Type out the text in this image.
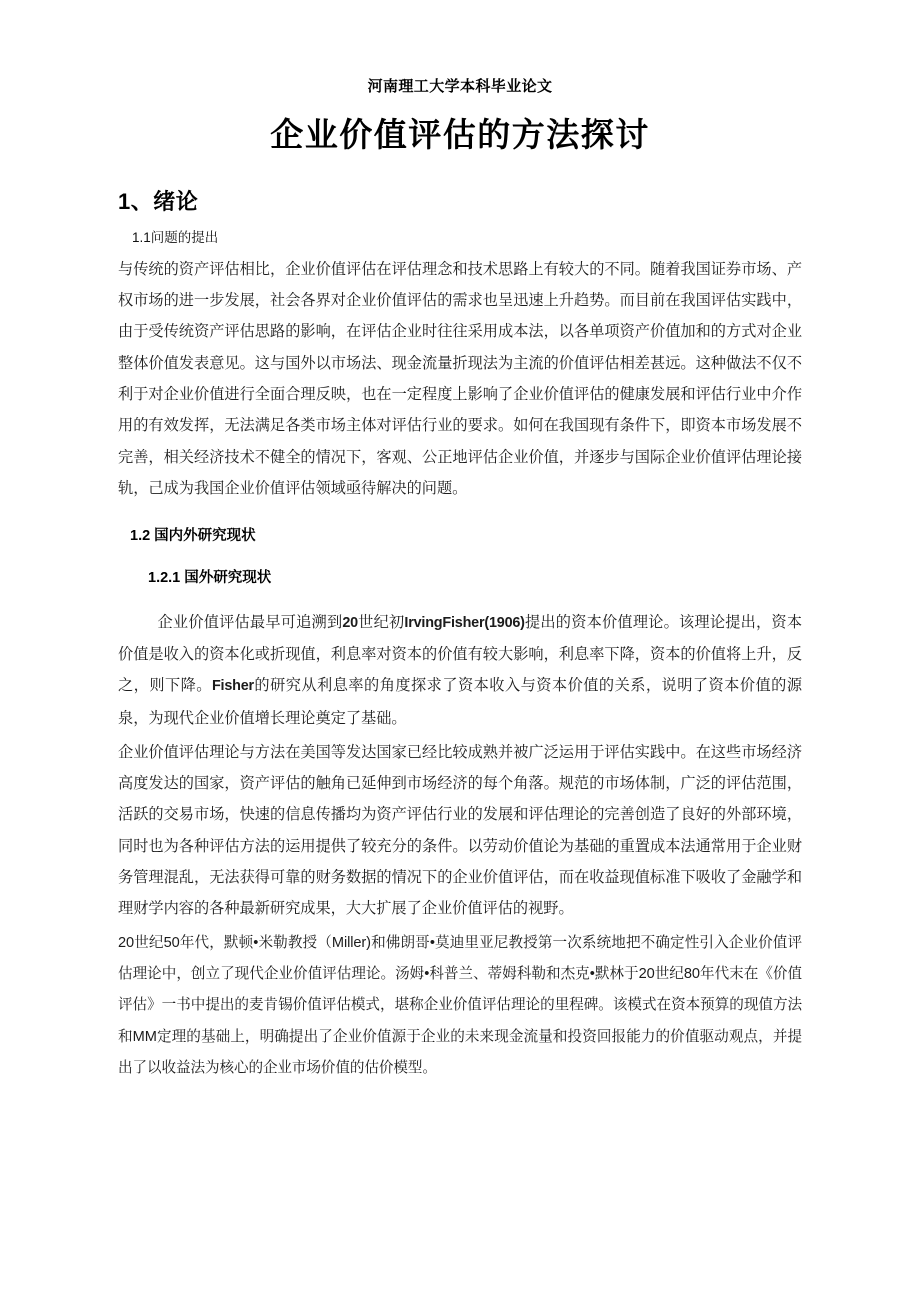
河南理工大学本科毕业论文
企业价值评估的方法探讨
1、绪论
1.1问题的提出

与传统的资产评估相比，企业价值评估在评估理念和技术思路上有较大的不同。随着我国证券市场、产权市场的进一步发展，社会各界对企业价值评估的需求也呈迅速上升趋势。而目前在我国评估实践中，由于受传统资产评估思路的影响，在评估企业时往往采用成本法，以各单项资产价值加和的方式对企业整体价值发表意见。这与国外以市场法、现金流量折现法为主流的价值评估相差甚远。这种做法不仅不利于对企业价值进行全面合理反映，也在一定程度上影响了企业价值评估的健康发展和评估行业中介作用的有效发挥，无法满足各类市场主体对评估行业的要求。如何在我国现有条件下，即资本市场发展不完善，相关经济技术不健全的情况下，客观、公正地评估企业价值，并逐步与国际企业价值评估理论接轨，己成为我国企业价值评估领域亟待解决的问题。

1.2 国内外研究现状
1.2.1 国外研究现状

企业价值评估最早可追溯到20世纪初IrvingFisher(1906)提出的资本价值理论。该理论提出，资本价值是收入的资本化或折现值，利息率对资本的价值有较大影响，利息率下降，资本的价值将上升，反之，则下降。Fisher的研究从利息率的角度探求了资本收入与资本价值的关系，说明了资本价值的源泉，为现代企业价值增长理论奠定了基础。

企业价值评估理论与方法在美国等发达国家已经比较成熟并被广泛运用于评估实践中。在这些市场经济高度发达的国家，资产评估的触角已延伸到市场经济的每个角落。规范的市场体制，广泛的评估范围，活跃的交易市场，快速的信息传播均为资产评估行业的发展和评估理论的完善创造了良好的外部环境，同时也为各种评估方法的运用提供了较充分的条件。以劳动价值论为基础的重置成本法通常用于企业财务管理混乱，无法获得可靠的财务数据的情况下的企业价值评估，而在收益现值标准下吸收了金融学和理财学内容的各种最新研究成果，大大扩展了企业价值评估的视野。

20世纪50年代，默顿•米勒教授（Miller)和佛朗哥•莫迪里亚尼教授第一次系统地把不确定性引入企业价值评估理论中，创立了现代企业价值评估理论。汤姆•科普兰、蒂姆科勒和杰克•默林于20世纪80年代末在《价值评估》一书中提出的麦肯锡价值评估模式，堪称企业价值评估理论的里程碑。该模式在资本预算的现值方法和MM定理的基础上，明确提出了企业价值源于企业的未来现金流量和投资回报能力的价值驱动观点，并提出了以收益法为核心的企业市场价值的估价模型。
